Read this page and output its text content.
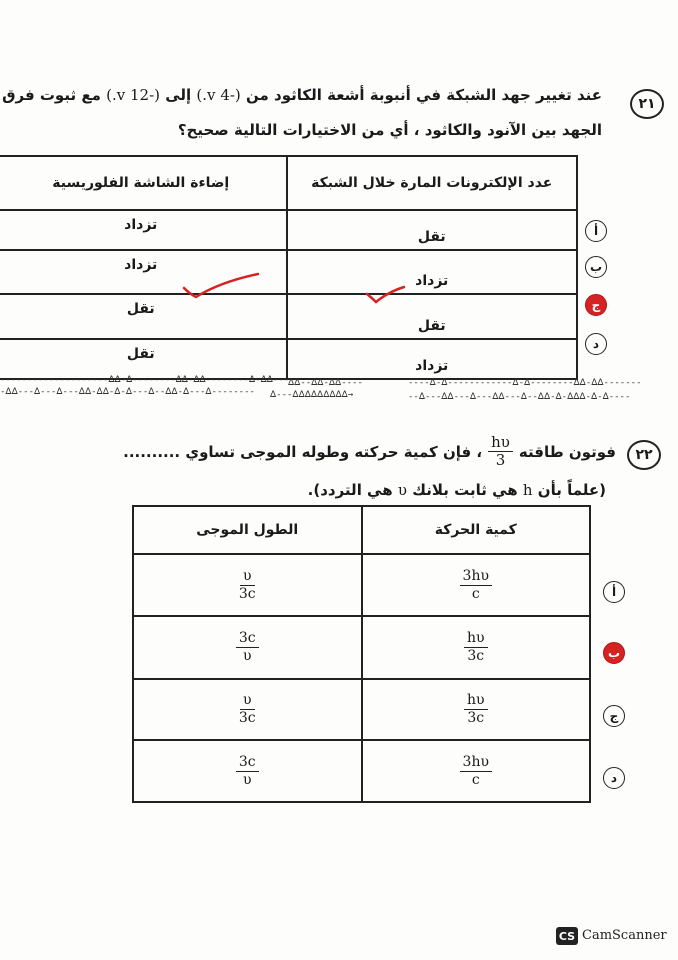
٢١
عند تغيير جهد الشبكة في أنبوبة أشعة الكاثود من (-4 v.) إلى (-12 v.) مع ثبوت فرق
الجهد بين الآنود والكاثود ، أي من الاختيارات التالية صحيح؟
إضاءة الشاشة الفلوريسية	عدد الإلكترونات المارة خلال الشبكة
تزداد	تقل
تزداد	تزداد
تقل	تقل
تقل	تزداد
أ
ب
ج
د
--------------------ᐃᐃ-ᐃ--------ᐃᐃ-ᐃᐃ--------ᐃ-ᐃᐃ-----
-ᐃᐃ---ᐃ---ᐃ---ᐃᐃ-ᐃᐃ-ᐃ-ᐃ---ᐃ--ᐃᐃ-ᐃ---ᐃ--------
ᐃᐃ--ᐃᐃ-ᐃᐃ----
ᐃ---ᐃᐃᐃᐃᐃᐃᐃᐃᐃ→
----ᐃ-ᐃ------------ᐃ-ᐃ--------ᐃᐃ-ᐃᐃ-------
--ᐃ---ᐃᐃ---ᐃ---ᐃᐃ---ᐃ--ᐃᐃ-ᐃ-ᐃᐃᐃ-ᐃ-ᐃ----
٢٢
فوتون طاقته
$\frac{h\upsilon}{3}$
، فإن كمية حركته وطوله الموجى تساوي ..........
(علماً بأن h هي ثابت بلانك υ هي التردد).
الطول الموجى	كمية الحركة

$\frac{\upsilon}{3c}$	$\frac{3h\upsilon}{c}$

$\frac{3c}{\upsilon}$	$\frac{h\upsilon}{3c}$

$\frac{\upsilon}{3c}$	$\frac{h\upsilon}{3c}$

$\frac{3c}{\upsilon}$	$\frac{3h\upsilon}{c}$
أ
ب
ج
د
CS CamScanner
